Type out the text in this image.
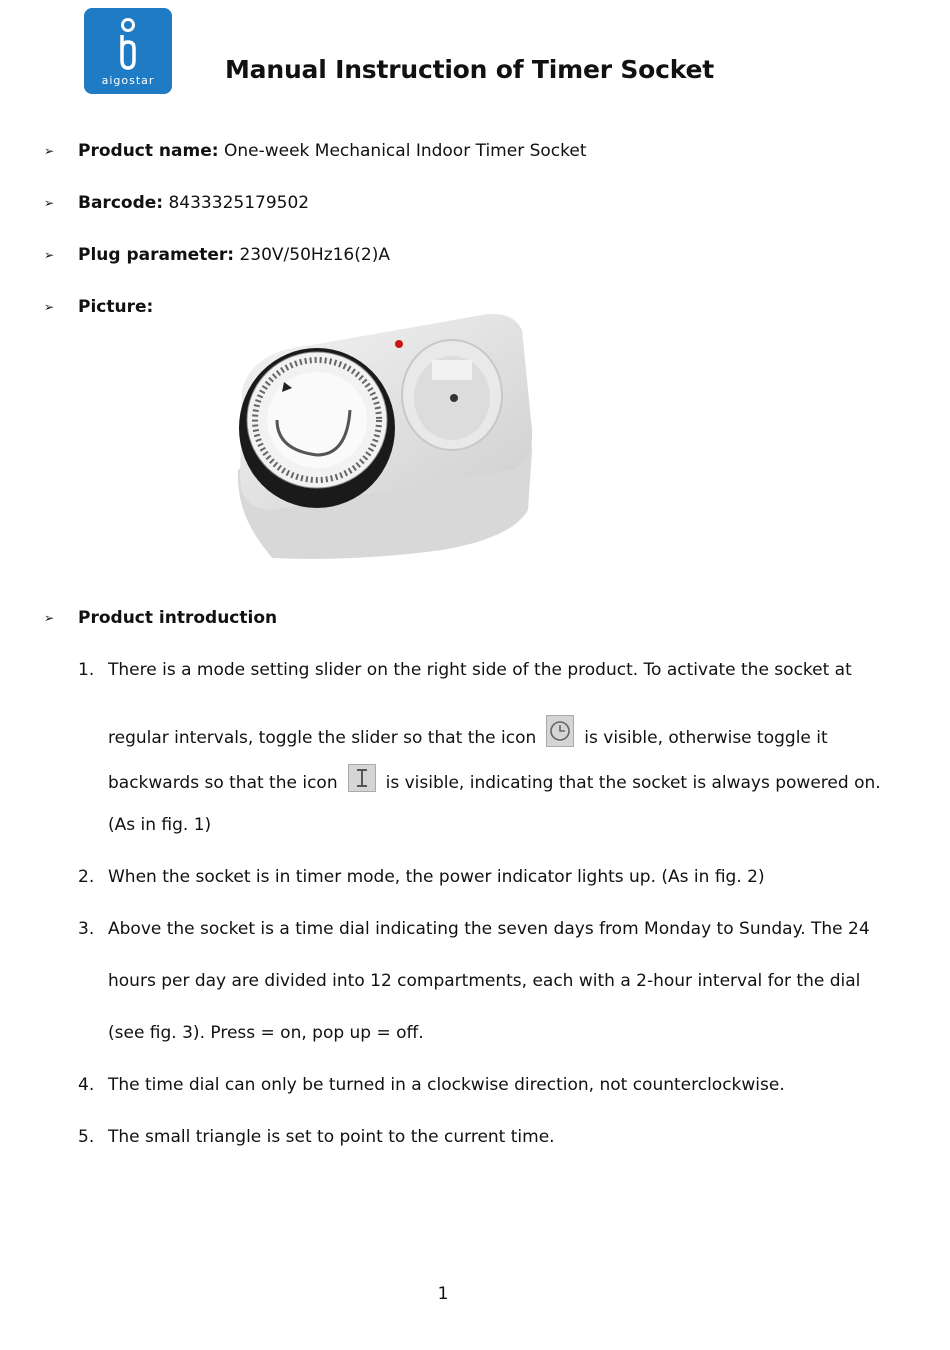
aigostar	Manual Instruction of Timer Socket
➢ Product name: One-week Mechanical Indoor Timer Socket
➢ Barcode: 8433325179502
➢ Plug parameter: 230V/50Hz16(2)A
➢ Picture:
➢ Product introduction
1. There is a mode setting slider on the right side of the product. To activate the socket at
regular intervals, toggle the slider so that the icon	is visible, otherwise toggle it
backwards so that the icon	is visible, indicating that the socket is always powered on.
(As in fig. 1)
2. When the socket is in timer mode, the power indicator lights up. (As in fig. 2)
3. Above the socket is a time dial indicating the seven days from Monday to Sunday. The 24
hours per day are divided into 12 compartments, each with a 2-hour interval for the dial
(see fig. 3). Press = on, pop up = off.
4. The time dial can only be turned in a clockwise direction, not counterclockwise.
5. The small triangle is set to point to the current time.
1
